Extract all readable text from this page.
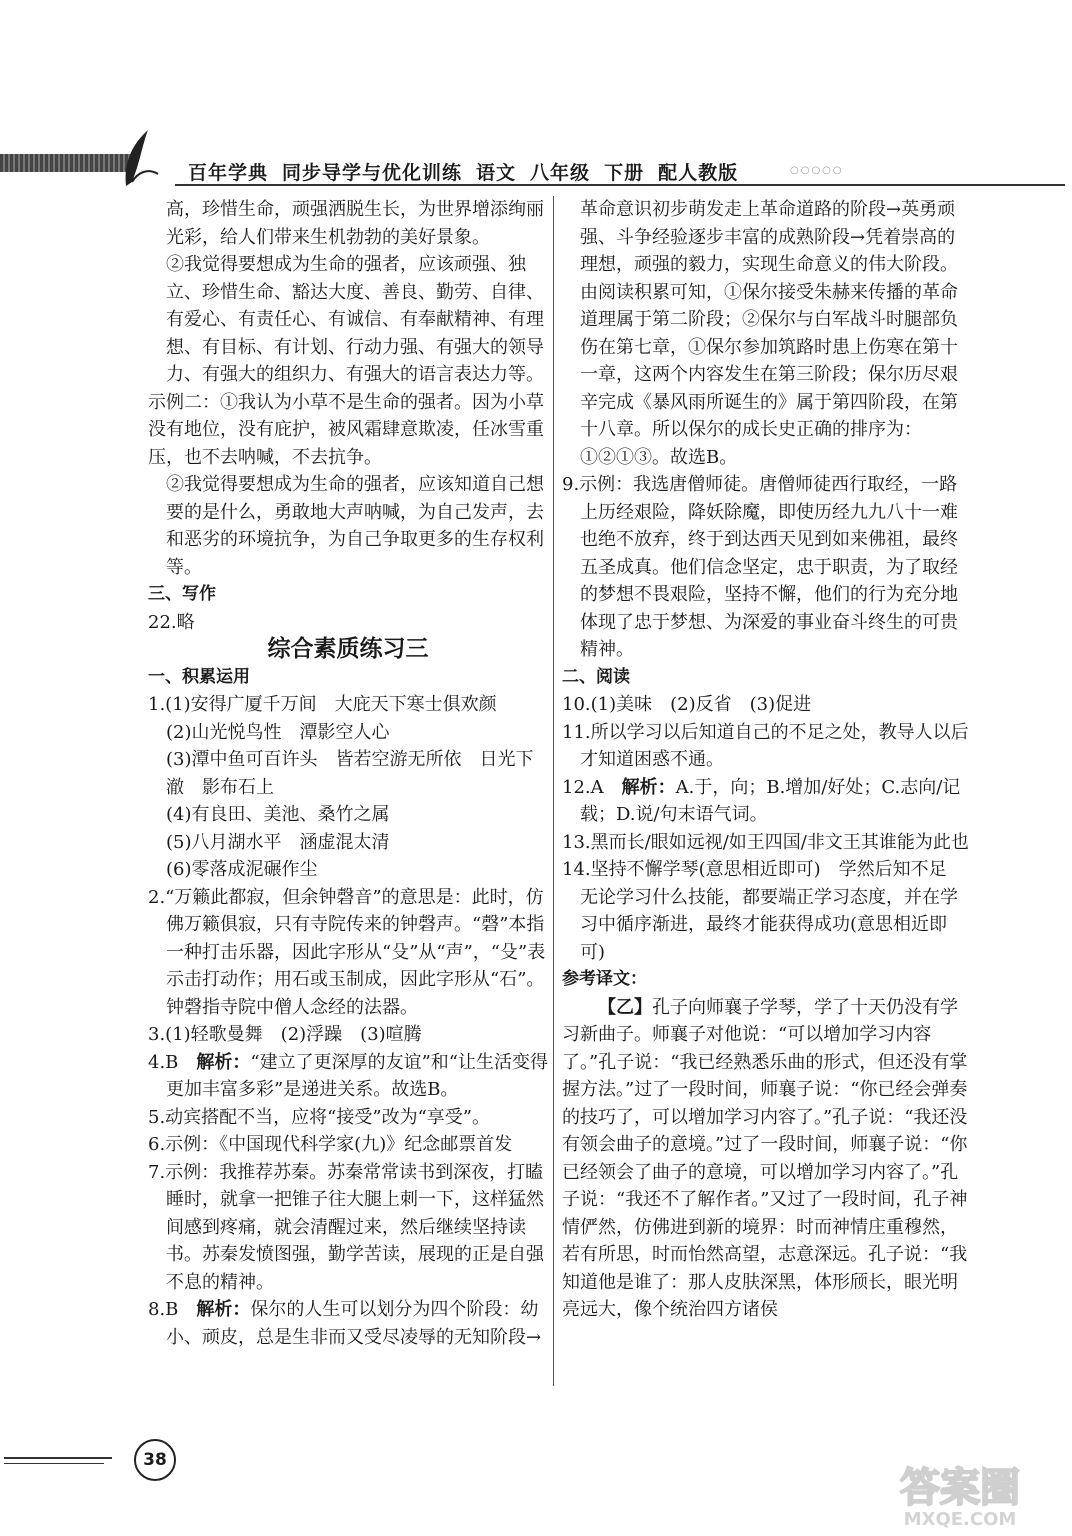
百年学典 同步导学与优化训练 语文 八年级 下册 配人教版	○○○○○

高，珍惜生命，顽强洒脱生长，为世界增添绚丽光彩，给人们带来生机勃勃的美好景象。

②我觉得要想成为生命的强者，应该顽强、独立、珍惜生命、豁达大度、善良、勤劳、自律、有爱心、有责任心、有诚信、有奉献精神、有理想、有目标、有计划、行动力强、有强大的领导力、有强大的组织力、有强大的语言表达力等。

示例二：①我认为小草不是生命的强者。因为小草没有地位，没有庇护，被风霜肆意欺凌，任冰雪重压，也不去呐喊，不去抗争。

②我觉得要想成为生命的强者，应该知道自己想要的是什么，勇敢地大声呐喊，为自己发声，去和恶劣的环境抗争，为自己争取更多的生存权利等。

三、写作

22.略

综合素质练习三

一、积累运用

1.(1)安得广厦千万间　大庇天下寒士俱欢颜

(2)山光悦鸟性　潭影空人心

(3)潭中鱼可百许头　皆若空游无所依　日光下澈　影布石上

(4)有良田、美池、桑竹之属

(5)八月湖水平　涵虚混太清

(6)零落成泥碾作尘

2.“万籁此都寂，但余钟磬音”的意思是：此时，仿佛万籁俱寂，只有寺院传来的钟磬声。“磬”本指一种打击乐器，因此字形从“殳”从“声”，“殳”表示击打动作；用石或玉制成，因此字形从“石”。钟磬指寺院中僧人念经的法器。

3.(1)轻歌曼舞　(2)浮躁　(3)喧腾

4.B　 解析：“建立了更深厚的友谊”和“让生活变得更加丰富多彩”是递进关系。故选B。

5.动宾搭配不当，应将“接受”改为“享受”。

6.示例：《中国现代科学家(九)》纪念邮票首发

7.示例：我推荐苏秦。苏秦常常读书到深夜，打瞌睡时，就拿一把锥子往大腿上刺一下，这样猛然间感到疼痛，就会清醒过来，然后继续坚持读书。苏秦发愤图强，勤学苦读，展现的正是自强不息的精神。

8.B　 解析：保尔的人生可以划分为四个阶段：幼小、顽皮，总是生非而又受尽凌辱的无知阶段→

革命意识初步萌发走上革命道路的阶段→英勇顽强、斗争经验逐步丰富的成熟阶段→凭着崇高的理想，顽强的毅力，实现生命意义的伟大阶段。由阅读积累可知，①保尔接受朱赫来传播的革命道理属于第二阶段；②保尔与白军战斗时腿部负伤在第七章，①保尔参加筑路时患上伤寒在第十一章，这两个内容发生在第三阶段；保尔历尽艰辛完成《暴风雨所诞生的》属于第四阶段，在第十八章。所以保尔的成长史正确的排序为：①②①③。故选B。

9.示例：我选唐僧师徒。唐僧师徒西行取经，一路上历经艰险，降妖除魔，即使历经九九八十一难也绝不放弃，终于到达西天见到如来佛祖，最终五圣成真。他们信念坚定，忠于职责，为了取经的梦想不畏艰险，坚持不懈，他们的行为充分地体现了忠于梦想、为深爱的事业奋斗终生的可贵精神。

二、阅读

10.(1)美味　(2)反省　(3)促进

11.所以学习以后知道自己的不足之处，教导人以后才知道困惑不通。

12.A　 解析：A.于，向；B.增加/好处；C.志向/记载；D.说/句末语气词。

13.黑而长/眼如远视/如王四国/非文王其谁能为此也

14.坚持不懈学琴(意思相近即可)　学然后知不足　无论学习什么技能，都要端正学习态度，并在学习中循序渐进，最终才能获得成功(意思相近即可)

参考译文：

【乙】孔子向师襄子学琴，学了十天仍没有学习新曲子。师襄子对他说：“可以增加学习内容了。”孔子说：“我已经熟悉乐曲的形式，但还没有掌握方法。”过了一段时间，师襄子说：“你已经会弹奏的技巧了，可以增加学习内容了。”孔子说：“我还没有领会曲子的意境。”过了一段时间，师襄子说：“你已经领会了曲子的意境，可以增加学习内容了。”孔子说：“我还不了解作者。”又过了一段时间，孔子神情俨然，仿佛进到新的境界：时而神情庄重穆然，若有所思，时而怡然高望，志意深远。孔子说：“我知道他是谁了：那人皮肤深黑，体形颀长，眼光明亮远大，像个统治四方诸侯

38
答案圈
MXQE.COM
